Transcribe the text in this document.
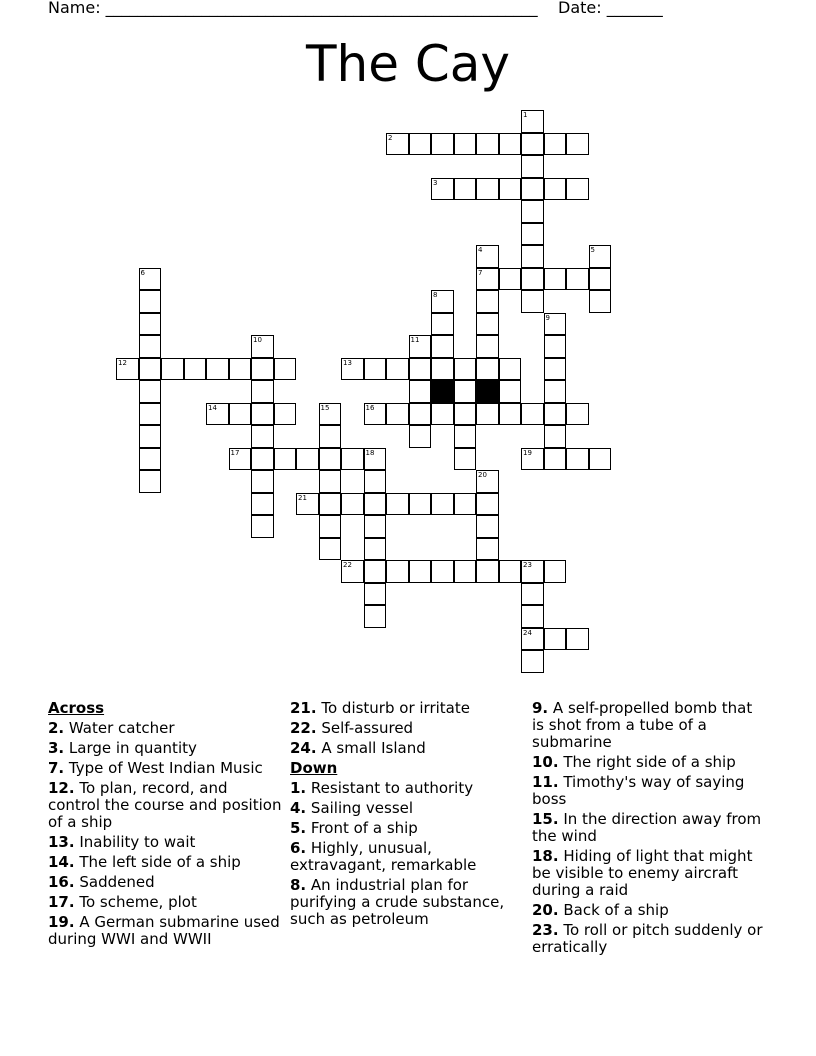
Name: ______________________________________________________    Date: _______
The Cay
1
2
3
4	5
6	7
8
9
10	11
12	13
14	15	16
17	18	19
20
21
22	23
24
Across
2. Water catcher
3. Large in quantity
7. Type of West Indian Music
12. To plan, record, and control the course and position of a ship
13. Inability to wait
14. The left side of a ship
16. Saddened
17. To scheme, plot
19. A German submarine used during WWI and WWII
21. To disturb or irritate
22. Self-assured
24. A small Island
Down
1. Resistant to authority
4. Sailing vessel
5. Front of a ship
6. Highly, unusual, extravagant, remarkable
8. An industrial plan for purifying a crude substance, such as petroleum
9. A self-propelled bomb that is shot from a tube of a submarine
10. The right side of a ship
11. Timothy's way of saying boss
15. In the direction away from the wind
18. Hiding of light that might be visible to enemy aircraft during a raid
20. Back of a ship
23. To roll or pitch suddenly or erratically
